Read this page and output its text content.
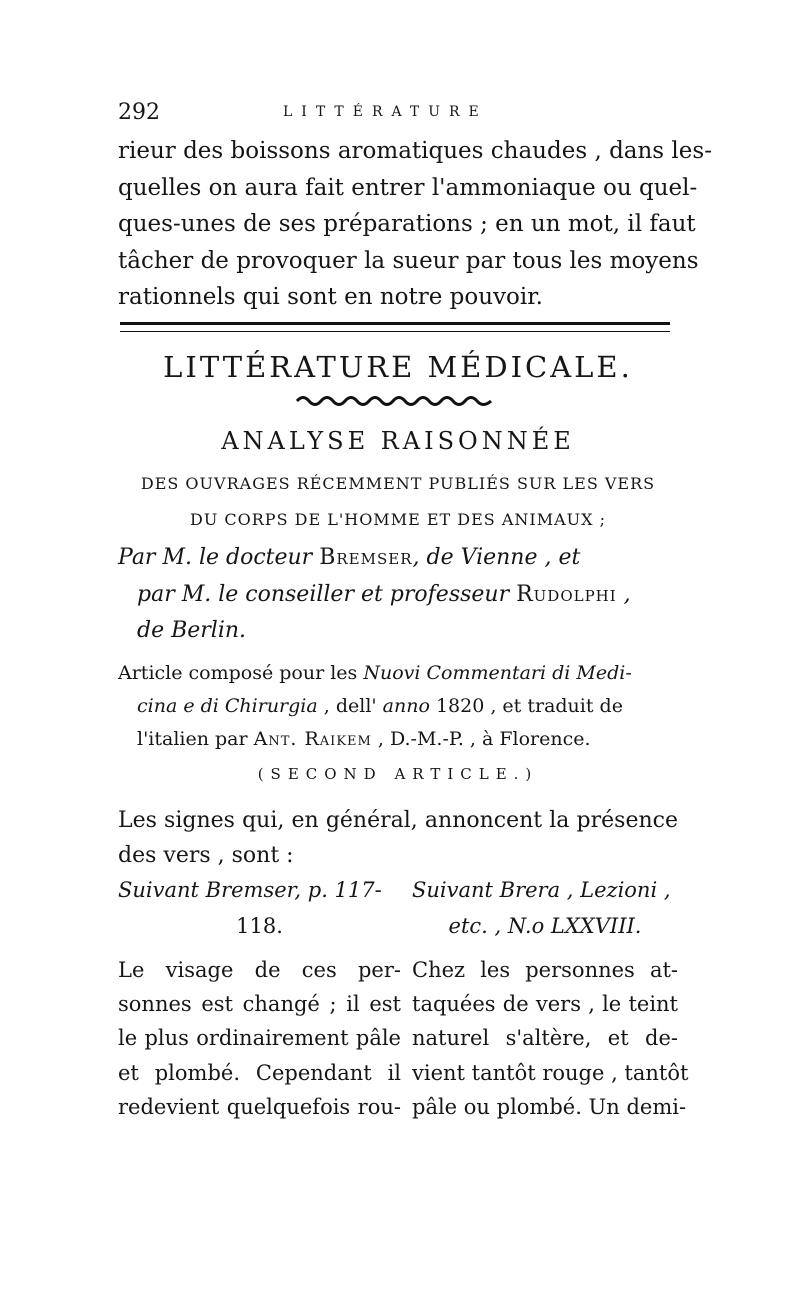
292	LITTÉRATURE
rieur des boissons aromatiques chaudes , dans les-
quelles on aura fait entrer l'ammoniaque ou quel-
ques-unes de ses préparations ; en un mot, il faut
tâcher de provoquer la sueur par tous les moyens
rationnels qui sont en notre pouvoir.
LITTÉRATURE MÉDICALE.
ANALYSE RAISONNÉE
DES OUVRAGES RÉCEMMENT PUBLIÉS SUR LES VERS
DU CORPS DE L'HOMME ET DES ANIMAUX ;
Par M. le docteur Bremser, de Vienne , et
par M. le conseiller et professeur Rudolphi ,
de Berlin.
Article composé pour les Nuovi Commentari di Medi-
cina e di Chirurgia , dell' anno 1820 , et traduit de
l'italien par Ant. Raikem , D.-M.-P. , à Florence.
(SECOND ARTICLE.)
Les signes qui, en général, annoncent la présence
des vers , sont :
Suivant Bremser, p. 117-	Suivant Brera , Lezioni ,
118.	etc. , N.o LXXVIII.
Le visage de ces per-
sonnes est changé ; il est
le plus ordinairement pâle
et plombé. Cependant il
redevient quelquefois rou-
Chez les personnes at-
taquées de vers , le teint
naturel s'altère, et de-
vient tantôt rouge , tantôt
pâle ou plombé. Un demi-
